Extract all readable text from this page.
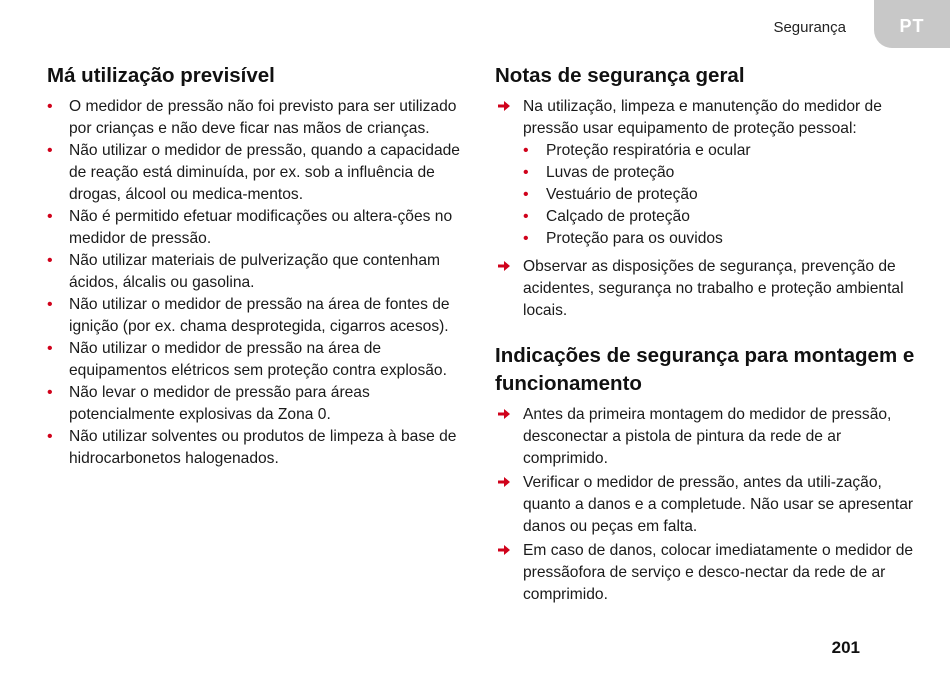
Segurança	PT
Má utilização previsível
• O medidor de pressão não foi previsto para ser utilizado por crianças e não deve ficar nas mãos de crianças.
• Não utilizar o medidor de pressão, quando a capacidade de reação está diminuída, por ex. sob a influência de drogas, álcool ou medica-mentos.
• Não é permitido efetuar modificações ou altera-ções no medidor de pressão.
• Não utilizar materiais de pulverização que contenham ácidos, álcalis ou gasolina.
• Não utilizar o medidor de pressão na área de fontes de ignição (por ex. chama desprotegida, cigarros acesos).
• Não utilizar o medidor de pressão na área de equipamentos elétricos sem proteção contra explosão.
• Não levar o medidor de pressão para áreas potencialmente explosivas da Zona 0.
• Não utilizar solventes ou produtos de limpeza à base de hidrocarbonetos halogenados.
Notas de segurança geral
Na utilização, limpeza e manutenção do medidor de pressão usar equipamento de proteção pessoal:
• Proteção respiratória e ocular
• Luvas de proteção
• Vestuário de proteção
• Calçado de proteção
• Proteção para os ouvidos
Observar as disposições de segurança, prevenção de acidentes, segurança no trabalho e proteção ambiental locais.
Indicações de segurança para montagem e funcionamento
Antes da primeira montagem do medidor de pressão, desconectar a pistola de pintura da rede de ar comprimido.
Verificar o medidor de pressão, antes da utili-zação, quanto a danos e a completude. Não usar se apresentar danos ou peças em falta.
Em caso de danos, colocar imediatamente o medidor de pressãofora de serviço e desco-nectar da rede de ar comprimido.
201
